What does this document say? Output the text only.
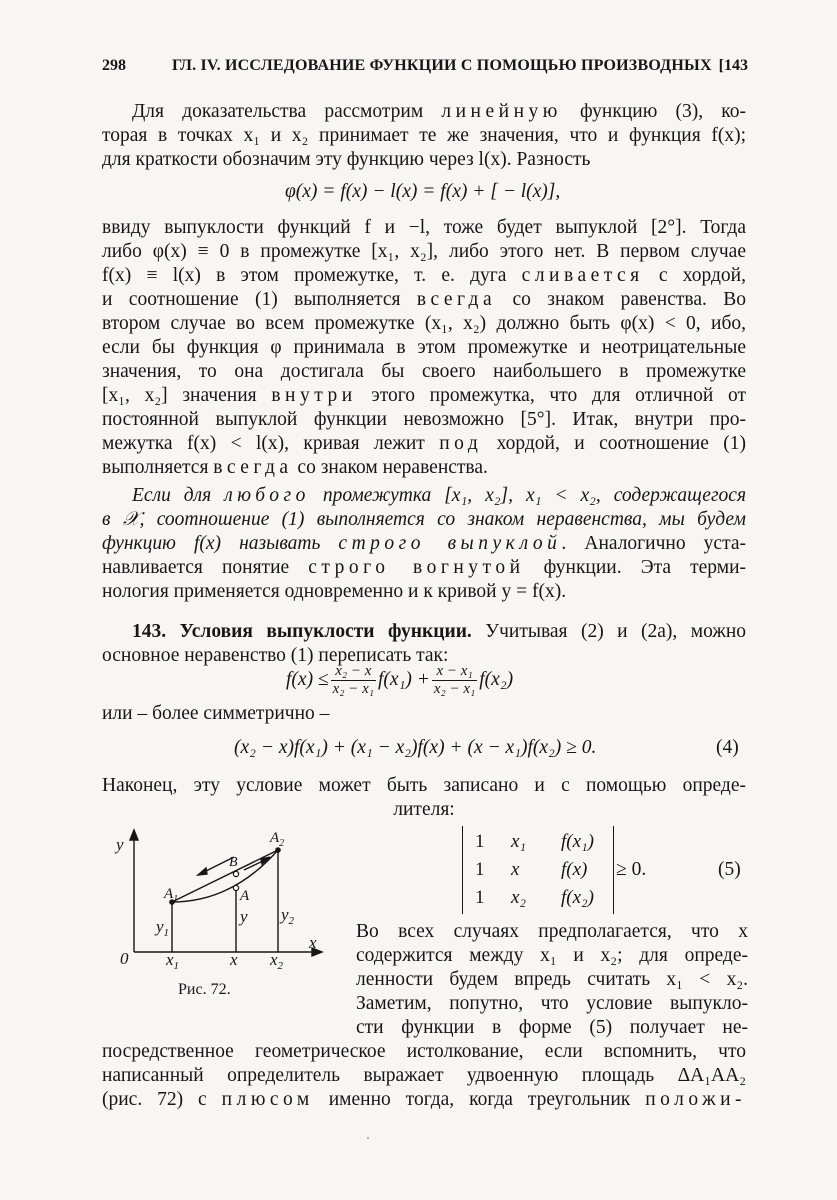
298	ГЛ. IV. ИССЛЕДОВАНИЕ ФУНКЦИИ С ПОМОЩЬЮ ПРОИЗВОДНЫХ [143
Для доказательства рассмотрим линейную функцию (3), ко-
торая в точках x₁ и x₂ принимает те же значения, что и функция f(x);
для краткости обозначим эту функцию через l(x). Разность
φ(x) = f(x) − l(x) = f(x) + [ − l(x)],
ввиду выпуклости функций f и −l, тоже будет выпуклой [2°]. Тогда
либо φ(x) ≡ 0 в промежутке [x₁, x₂], либо этого нет. В первом случае
f(x) ≡ l(x) в этом промежутке, т. е. дуга сливается с хордой,
и соотношение (1) выполняется всегда со знаком равенства. Во
втором случае во всем промежутке (x₁, x₂) должно быть φ(x) < 0, ибо,
если бы функция φ принимала в этом промежутке и неотрицательные
значения, то она достигала бы своего наибольшего в промежутке
[x₁, x₂] значения внутри этого промежутка, что для отличной от
постоянной выпуклой функции невозможно [5°]. Итак, внутри про-
межутка f(x) < l(x), кривая лежит под хордой, и соотношение (1)
выполняется всегда со знаком неравенства.
Если для любого промежутка [x₁, x₂], x₁ < x₂, содержащегося
в 𝒳, соотношение (1) выполняется со знаком неравенства, мы будем
функцию f(x) называть строго выпуклой. Аналогично уста-
навливается понятие строго вогнутой функции. Эта терми-
нология применяется одновременно и к кривой y = f(x).
143. Условия выпуклости функции. Учитывая (2) и (2а), можно
основное неравенство (1) переписать так:
$f(x) \le \frac{\text{x₂ − x}}{\text{x₂ − x₁}} f(x_1) + \frac{\text{x − x₁}}{\text{x₂ − x₁}} f(x_2)$
или – более симметрично –
(x₂ − x)f(x₁) + (x₁ − x₂)f(x) + (x − x₁)f(x₂) ≥ 0.	(4)
Наконец, эту условие может быть записано и с помощью опреде-
лителя:
1 x₁ f(x₁)
1 x f(x)
1 x₂ f(x₂)
≥ 0.	(5)
y
x
0
$A_1$
$A_2$
A
B
$y_1$
y $y_2$
$x_1$	x $x_2$
Рис. 72.
Во всех случаях предполагается, что x
содержится между x₁ и x₂; для опреде-
ленности будем впредь считать x₁ < x₂.
Заметим, попутно, что условие выпукло-
сти функции в форме (5) получает не-
посредственное геометрическое истолкование, если вспомнить, что
написанный определитель выражает удвоенную площадь ΔA₁AA₂
(рис. 72) с плюсом именно тогда, когда треугольник положи-
